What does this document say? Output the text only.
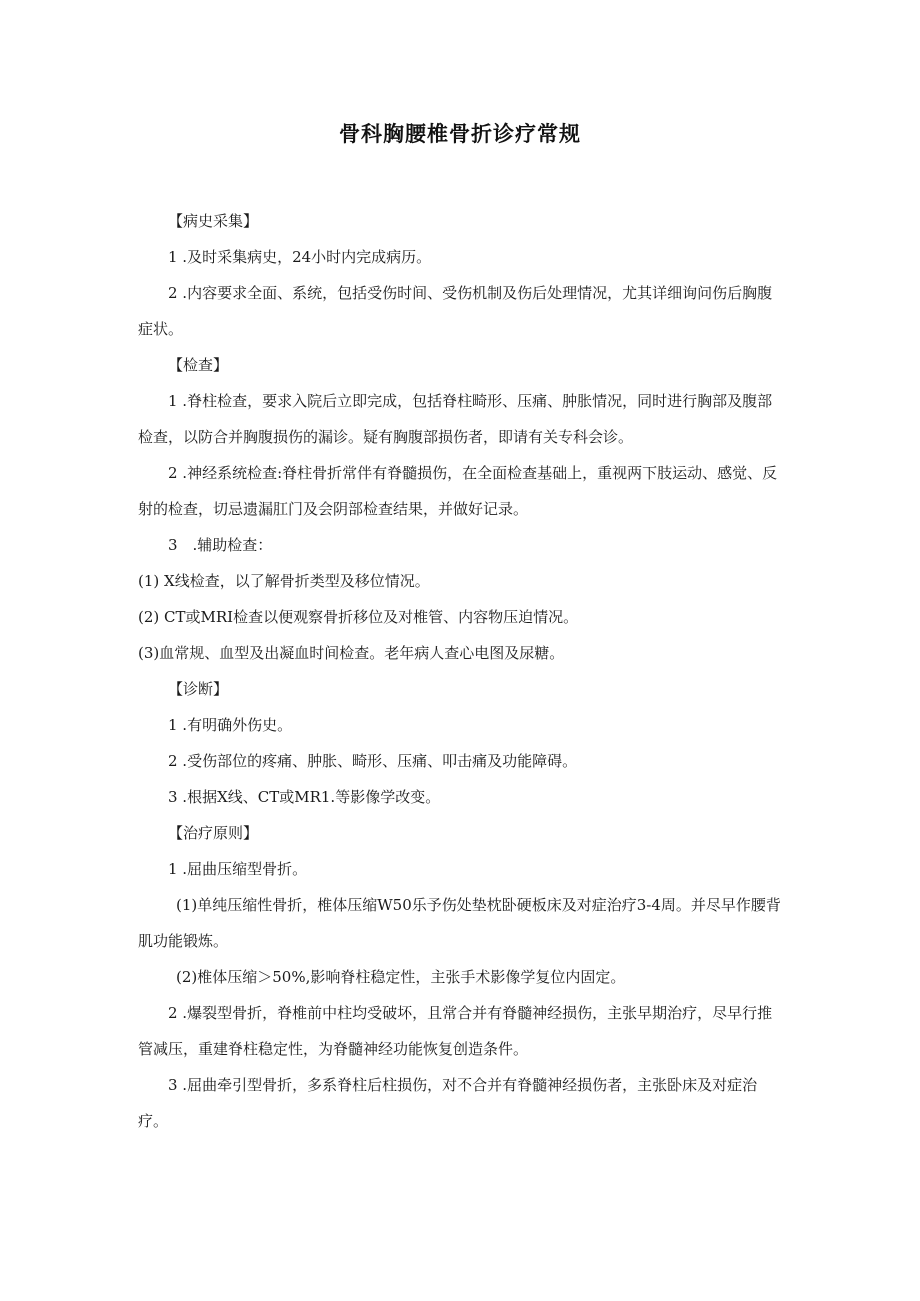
骨科胸腰椎骨折诊疗常规

【病史采集】

1 .及时采集病史，24小时内完成病历。

2 .内容要求全面、系统，包括受伤时间、受伤机制及伤后处理情况，尤其详细询问伤后胸腹症状。

【检查】

1 .脊柱检查，要求入院后立即完成，包括脊柱畸形、压痛、肿胀情况，同时进行胸部及腹部检查，以防合并胸腹损伤的漏诊。疑有胸腹部损伤者，即请有关专科会诊。

2 .神经系统检查:脊柱骨折常伴有脊髓损伤，在全面检查基础上，重视两下肢运动、感觉、反射的检查，切忌遗漏肛门及会阴部检查结果，并做好记录。

3　.辅助检查：

(1) X线检查，以了解骨折类型及移位情况。

(2) CT或MRI检查以便观察骨折移位及对椎管、内容物压迫情况。

(3)血常规、血型及出凝血时间检查。老年病人查心电图及尿糖。

【诊断】

1 .有明确外伤史。

2 .受伤部位的疼痛、肿胀、畸形、压痛、叩击痛及功能障碍。

3 .根据X线、CT或MR1.等影像学改变。

【治疗原则】

1 .屈曲压缩型骨折。

(1)单纯压缩性骨折，椎体压缩W50乐予伤处垫枕卧硬板床及对症治疗3-4周。并尽早作腰背肌功能锻炼。

(2)椎体压缩＞50%,影响脊柱稳定性，主张手术影像学复位内固定。

2 .爆裂型骨折，脊椎前中柱均受破坏，且常合并有脊髓神经损伤，主张早期治疗，尽早行推管减压，重建脊柱稳定性，为脊髓神经功能恢复创造条件。

3 .屈曲牵引型骨折，多系脊柱后柱损伤，对不合并有脊髓神经损伤者，主张卧床及对症治疗。
